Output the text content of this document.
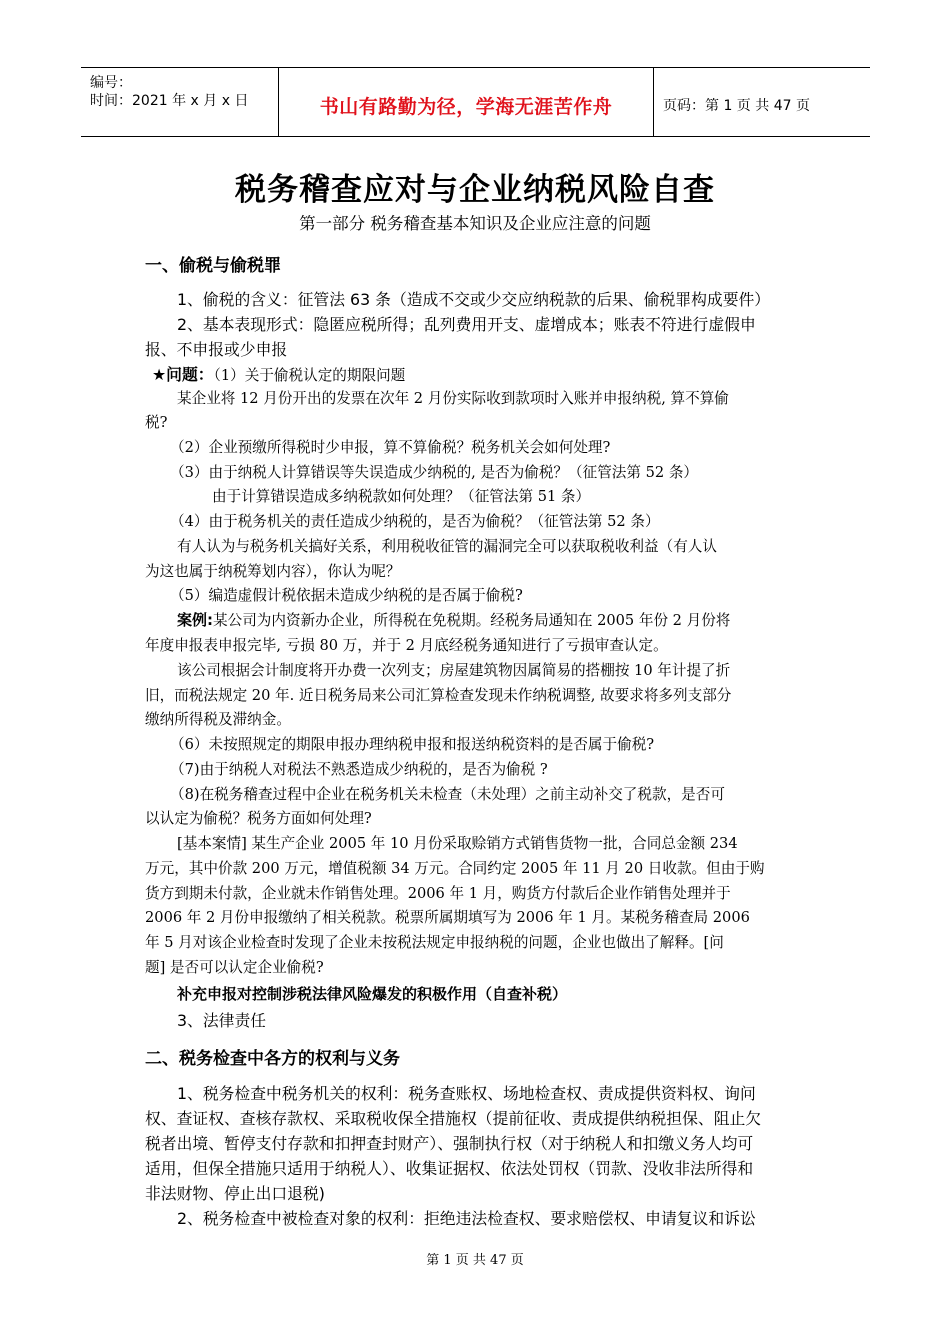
编号：
时间：2021 年 x 月 x 日	书山有路勤为径，学海无涯苦作舟	页码：第 1 页 共 47 页
税务稽查应对与企业纳税风险自查
第一部分 税务稽查基本知识及企业应注意的问题
一、偷税与偷税罪
1、偷税的含义：征管法 63 条（造成不交或少交应纳税款的后果、偷税罪构成要件）
2、基本表现形式：隐匿应税所得；乱列费用开支、虚增成本；账表不符进行虚假申
报、不申报或少申报
★问题：（1）关于偷税认定的期限问题
某企业将 12 月份开出的发票在次年 2 月份实际收到款项时入账并申报纳税, 算不算偷
税?
（2）企业预缴所得税时少申报，算不算偷税？税务机关会如何处理?
（3）由于纳税人计算错误等失误造成少纳税的, 是否为偷税？（征管法第 52 条）
由于计算错误造成多纳税款如何处理？（征管法第 51 条）
（4）由于税务机关的责任造成少纳税的，是否为偷税？（征管法第 52 条）
有人认为与税务机关搞好关系，利用税收征管的漏洞完全可以获取税收利益（有人认
为这也属于纳税筹划内容），你认为呢？
（5）编造虚假计税依据未造成少纳税的是否属于偷税?
案例:某公司为内资新办企业，所得税在免税期。经税务局通知在 2005 年份 2 月份将
年度申报表申报完毕, 亏损 80 万，并于 2 月底经税务通知进行了亏损审查认定。
该公司根据会计制度将开办费一次列支；房屋建筑物因属简易的搭棚按 10 年计提了折
旧，而税法规定 20 年. 近日税务局来公司汇算检查发现未作纳税调整, 故要求将多列支部分
缴纳所得税及滞纳金。
（6）未按照规定的期限申报办理纳税申报和报送纳税资料的是否属于偷税?
（7)由于纳税人对税法不熟悉造成少纳税的，是否为偷税 ?
（8)在税务稽查过程中企业在税务机关未检查（未处理）之前主动补交了税款，是否可
以认定为偷税？税务方面如何处理?
[基本案情] 某生产企业 2005 年 10 月份采取赊销方式销售货物一批，合同总金额 234
万元，其中价款 200 万元，增值税额 34 万元。合同约定 2005 年 11 月 20 日收款。但由于购
货方到期未付款，企业就未作销售处理。2006 年 1 月，购货方付款后企业作销售处理并于
2006 年 2 月份申报缴纳了相关税款。税票所属期填写为 2006 年 1 月。某税务稽查局 2006
年 5 月对该企业检查时发现了企业未按税法规定申报纳税的问题，企业也做出了解释。[问
题] 是否可以认定企业偷税?
补充申报对控制涉税法律风险爆发的积极作用（自查补税）
3、法律责任
二、税务检查中各方的权利与义务
1、税务检查中税务机关的权利：税务查账权、场地检查权、责成提供资料权、询问
权、查证权、查核存款权、采取税收保全措施权（提前征收、责成提供纳税担保、阻止欠
税者出境、暂停支付存款和扣押查封财产）、强制执行权（对于纳税人和扣缴义务人均可
适用，但保全措施只适用于纳税人）、收集证据权、依法处罚权（罚款、没收非法所得和
非法财物、停止出口退税)
2、税务检查中被检查对象的权利：拒绝违法检查权、要求赔偿权、申请复议和诉讼
第 1 页 共 47 页
